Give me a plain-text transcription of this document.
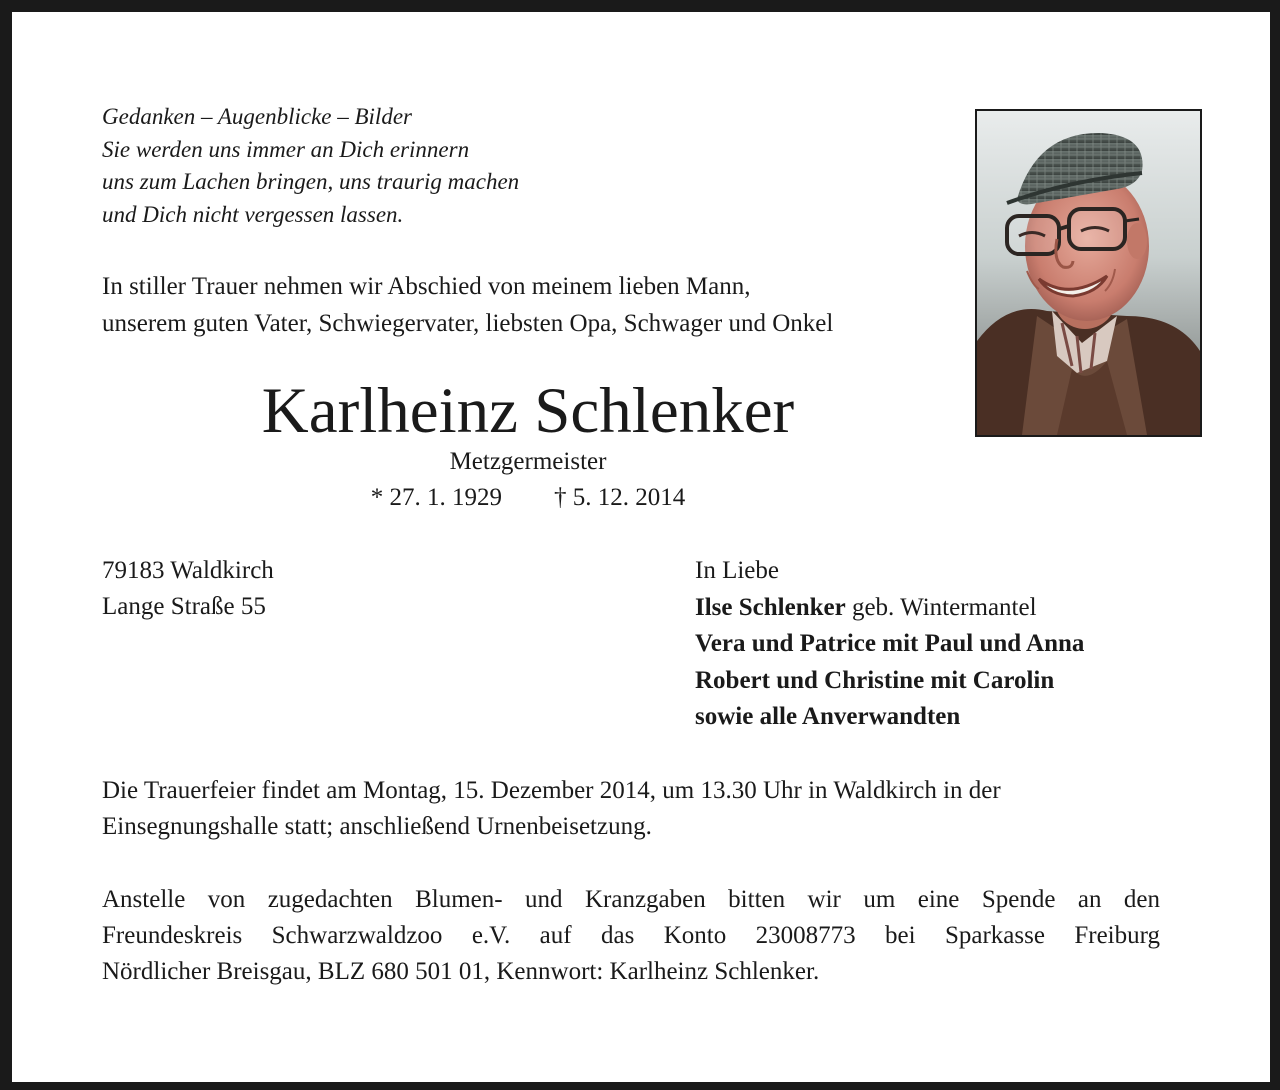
Gedanken – Augenblicke – Bilder
Sie werden uns immer an Dich erinnern
uns zum Lachen bringen, uns traurig machen
und Dich nicht vergessen lassen.
In stiller Trauer nehmen wir Abschied von meinem lieben Mann,
unserem guten Vater, Schwiegervater, liebsten Opa, Schwager und Onkel
Karlheinz Schlenker
Metzgermeister
* 27. 1. 1929 † 5. 12. 2014
79183 Waldkirch
Lange Straße 55
In Liebe
Ilse Schlenker geb. Wintermantel
Vera und Patrice mit Paul und Anna
Robert und Christine mit Carolin
sowie alle Anverwandten
Die Trauerfeier findet am Montag, 15. Dezember 2014, um 13.30 Uhr in Waldkirch in der Einsegnungshalle statt; anschließend Urnenbeisetzung.
Anstelle von zugedachten Blumen- und Kranzgaben bitten wir um eine Spende an den
Freundeskreis Schwarzwaldzoo e.V. auf das Konto 23008773 bei Sparkasse Freiburg
Nördlicher Breisgau, BLZ 680 501 01, Kennwort: Karlheinz Schlenker.
